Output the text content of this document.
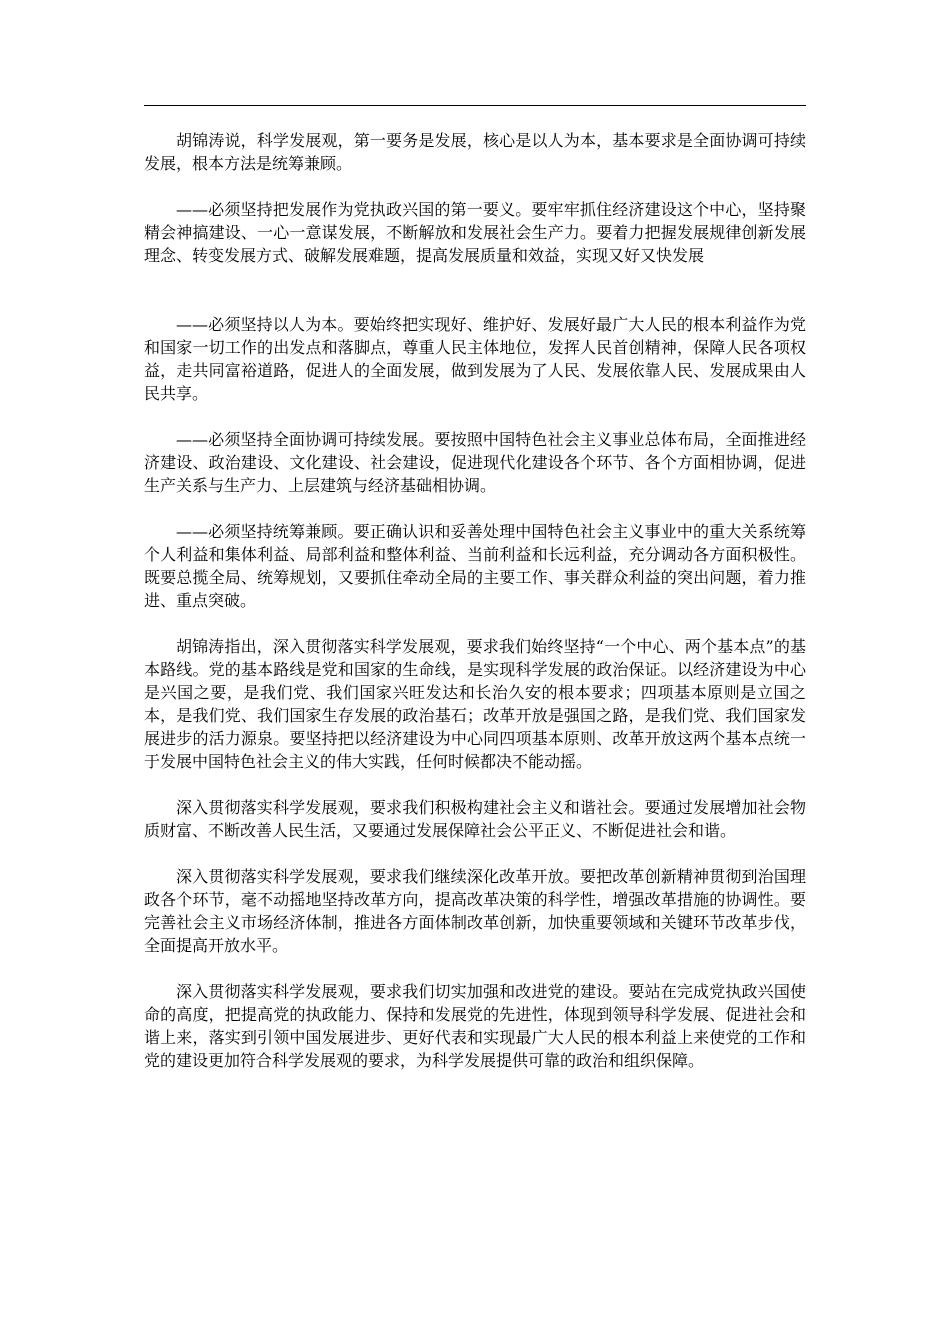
胡锦涛说，科学发展观，第一要务是发展，核心是以人为本，基本要求是全面协调可持续发展，根本方法是统筹兼顾。

——必须坚持把发展作为党执政兴国的第一要义。要牢牢抓住经济建设这个中心，坚持聚精会神搞建设、一心一意谋发展，不断解放和发展社会生产力。要着力把握发展规律创新发展理念、转变发展方式、破解发展难题，提高发展质量和效益，实现又好又快发展

——必须坚持以人为本。要始终把实现好、维护好、发展好最广大人民的根本利益作为党和国家一切工作的出发点和落脚点，尊重人民主体地位，发挥人民首创精神，保障人民各项权益，走共同富裕道路，促进人的全面发展，做到发展为了人民、发展依靠人民、发展成果由人民共享。

——必须坚持全面协调可持续发展。要按照中国特色社会主义事业总体布局，全面推进经济建设、政治建设、文化建设、社会建设，促进现代化建设各个环节、各个方面相协调，促进生产关系与生产力、上层建筑与经济基础相协调。

——必须坚持统筹兼顾。要正确认识和妥善处理中国特色社会主义事业中的重大关系统筹个人利益和集体利益、局部利益和整体利益、当前利益和长远利益，充分调动各方面积极性。既要总揽全局、统筹规划，又要抓住牵动全局的主要工作、事关群众利益的突出问题，着力推进、重点突破。

胡锦涛指出，深入贯彻落实科学发展观，要求我们始终坚持“一个中心、两个基本点”的基本路线。党的基本路线是党和国家的生命线，是实现科学发展的政治保证。以经济建设为中心是兴国之要，是我们党、我们国家兴旺发达和长治久安的根本要求；四项基本原则是立国之本，是我们党、我们国家生存发展的政治基石；改革开放是强国之路，是我们党、我们国家发展进步的活力源泉。要坚持把以经济建设为中心同四项基本原则、改革开放这两个基本点统一于发展中国特色社会主义的伟大实践，任何时候都决不能动摇。

深入贯彻落实科学发展观，要求我们积极构建社会主义和谐社会。要通过发展增加社会物质财富、不断改善人民生活，又要通过发展保障社会公平正义、不断促进社会和谐。

深入贯彻落实科学发展观，要求我们继续深化改革开放。要把改革创新精神贯彻到治国理政各个环节，毫不动摇地坚持改革方向，提高改革决策的科学性，增强改革措施的协调性。要完善社会主义市场经济体制，推进各方面体制改革创新，加快重要领域和关键环节改革步伐，全面提高开放水平。

深入贯彻落实科学发展观，要求我们切实加强和改进党的建设。要站在完成党执政兴国使命的高度，把提高党的执政能力、保持和发展党的先进性，体现到领导科学发展、促进社会和谐上来，落实到引领中国发展进步、更好代表和实现最广大人民的根本利益上来使党的工作和党的建设更加符合科学发展观的要求，为科学发展提供可靠的政治和组织保障。
